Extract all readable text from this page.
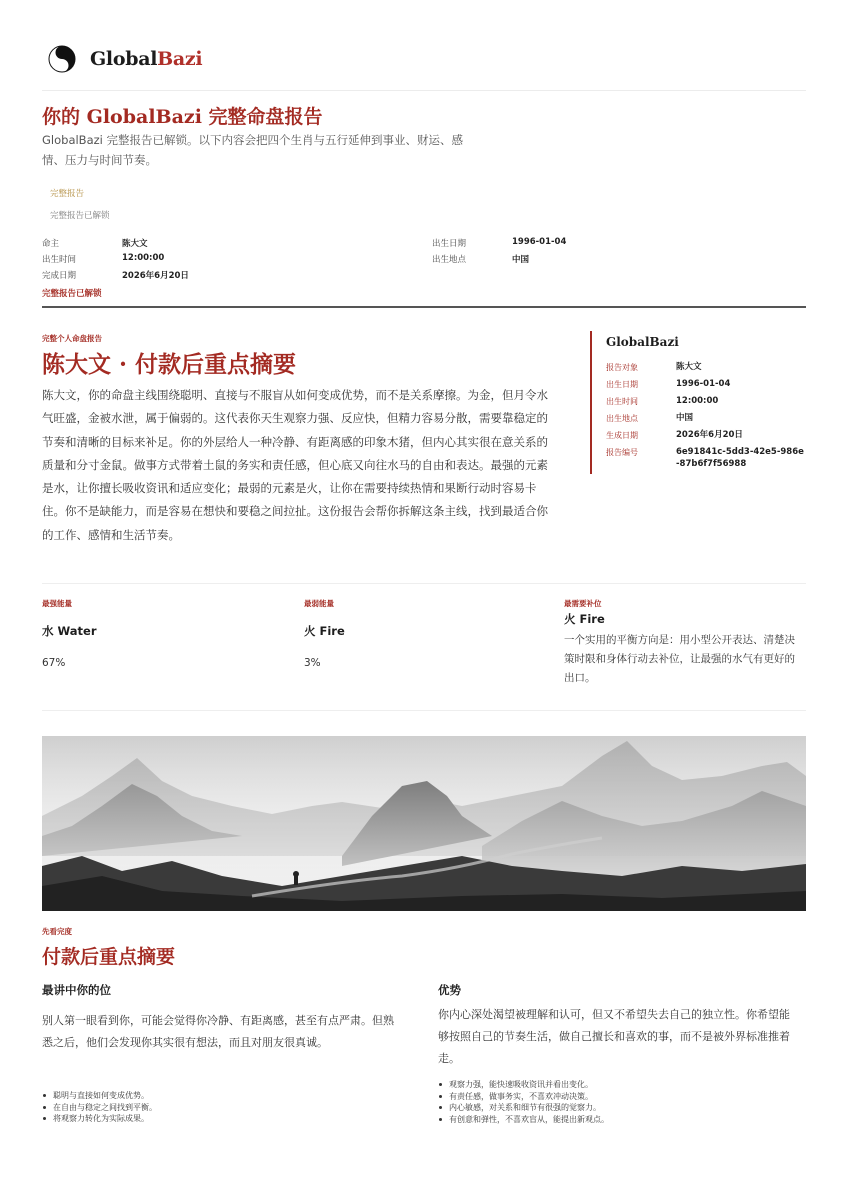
GlobalBazi
你的 GlobalBazi 完整命盘报告
GlobalBazi 完整报告已解锁。以下内容会把四个生肖与五行延伸到事业、财运、感情、压力与时间节奏。
完整报告
完整报告已解锁
命主	陈大文
出生时间	12:00:00
完成日期	2026年6月20日
出生日期	1996-01-04
出生地点	中国
完整报告已解锁
完整个人命盘报告
陈大文 · 付款后重点摘要
陈大文，你的命盘主线围绕聪明、直接与不服盲从如何变成优势，而不是关系摩擦。为金，但月令水气旺盛，金被水泄，属于偏弱的。这代表你天生观察力强、反应快，但精力容易分散，需要靠稳定的节奏和清晰的目标来补足。你的外层给人一种冷静、有距离感的印象木猪，但内心其实很在意关系的质量和分寸金鼠。做事方式带着土鼠的务实和责任感，但心底又向往水马的自由和表达。最强的元素是水，让你擅长吸收资讯和适应变化；最弱的元素是火，让你在需要持续热情和果断行动时容易卡住。你不是缺能力，而是容易在想快和要稳之间拉扯。这份报告会帮你拆解这条主线，找到最适合你的工作、感情和生活节奏。
GlobalBazi
报告对象	陈大文
出生日期	1996-01-04
出生时间	12:00:00
出生地点	中国
生成日期	2026年6月20日
报告编号	6e91841c-5dd3-42e5-986e-87b6f7f56988
最强能量
水 Water
67%
最弱能量
火 Fire
3%
最需要补位
火 Fire
一个实用的平衡方向是：用小型公开表达、清楚决策时限和身体行动去补位，让最强的水气有更好的出口。
先看完度
付款后重点摘要
最讲中你的位
别人第一眼看到你，可能会觉得你冷静、有距离感，甚至有点严肃。但熟悉之后，他们会发现你其实很有想法，而且对朋友很真诚。
聪明与直接如何变成优势。
在自由与稳定之间找到平衡。
将观察力转化为实际成果。
优势
你内心深处渴望被理解和认可，但又不希望失去自己的独立性。你希望能够按照自己的节奏生活，做自己擅长和喜欢的事，而不是被外界标准推着走。
观察力强，能快速吸收资讯并看出变化。
有责任感，做事务实，不喜欢冲动决策。
内心敏感，对关系和细节有很强的觉察力。
有创意和弹性，不喜欢盲从，能提出新观点。
